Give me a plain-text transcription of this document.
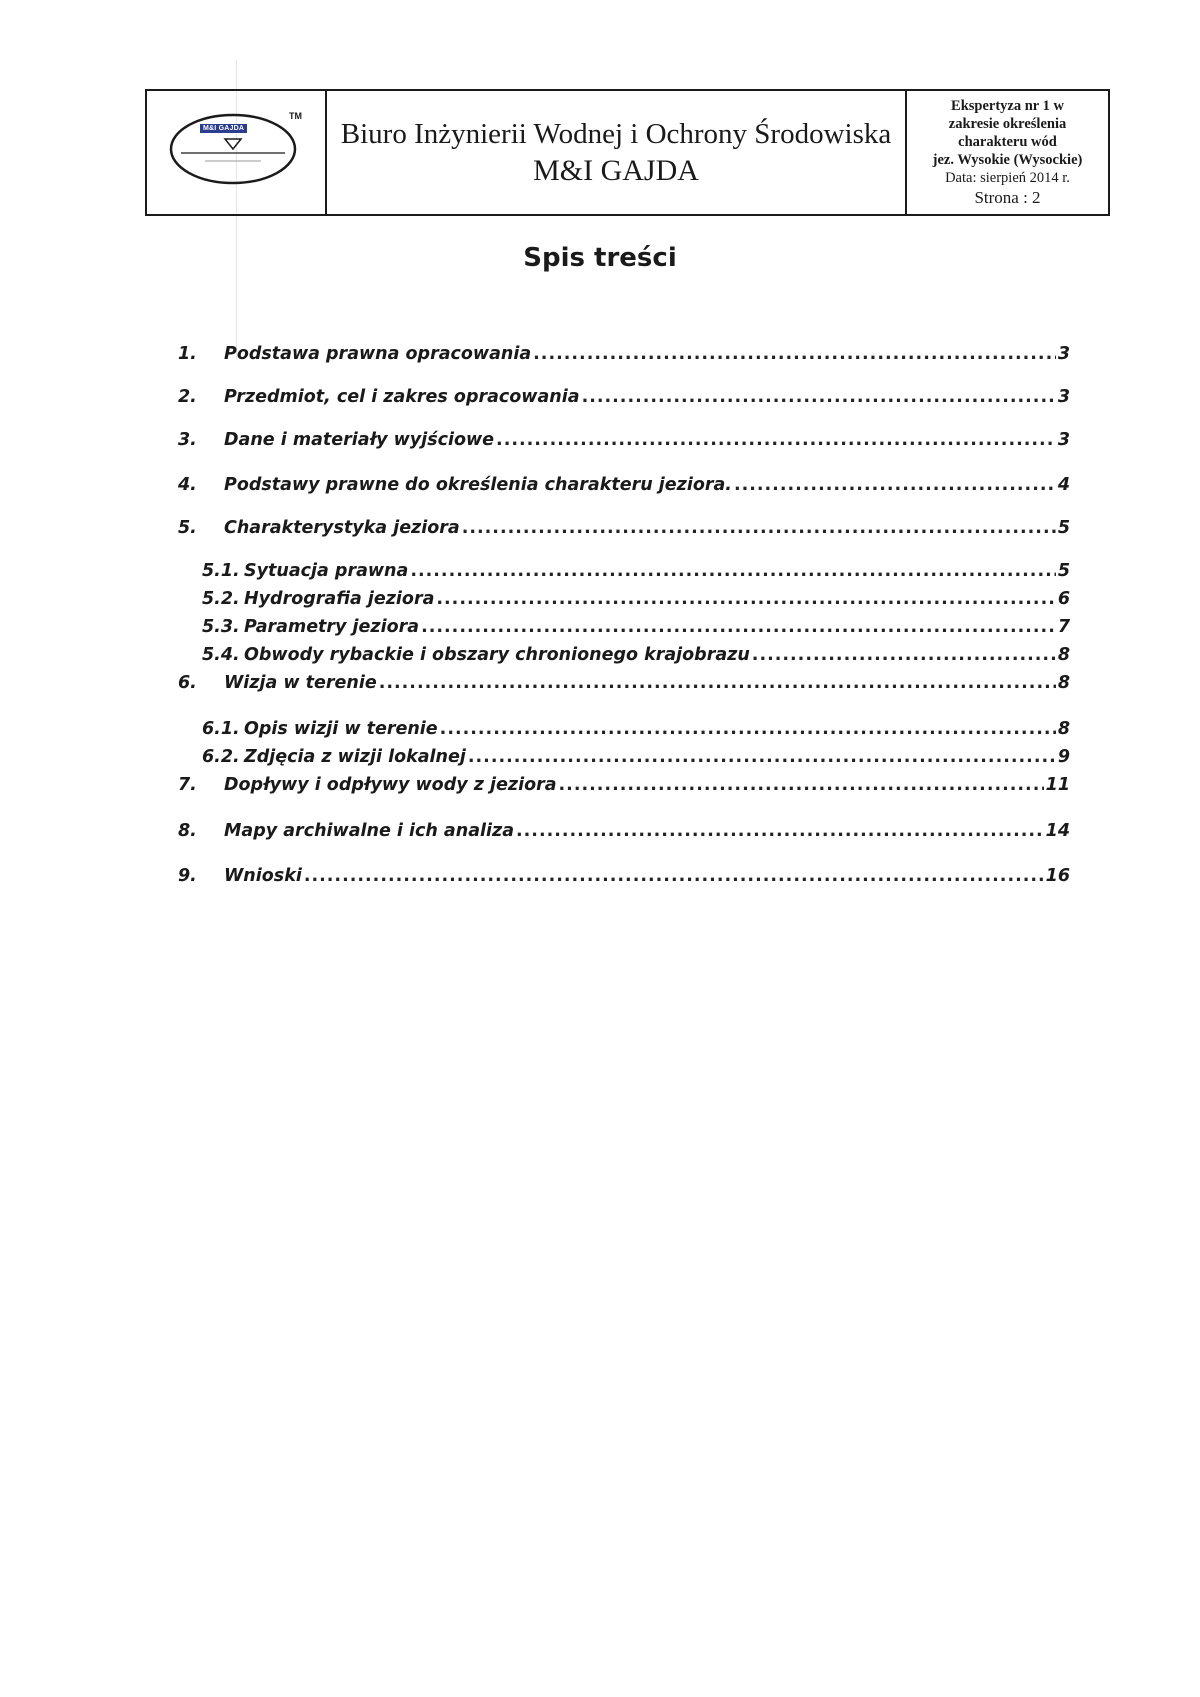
M&I GAJDA
TM
Biuro Inżynierii Wodnej i Ochrony Środowiska
M&I GAJDA
Ekspertyza nr 1 w
zakresie określenia
charakteru wód
jez. Wysokie (Wysockie)
Data: sierpień 2014 r.
Strona : 2
Spis treści
1.	Podstawa prawna opracowania .....	3
2.	Przedmiot, cel i zakres opracowania .....	3
3.	Dane i materiały wyjściowe .....	3
4.	Podstawy prawne do określenia charakteru jeziora. .....	4
5.	Charakterystyka jeziora .....	5
5.1. Sytuacja prawna .....	5
5.2. Hydrografia jeziora .....	6
5.3. Parametry jeziora .....	7
5.4. Obwody rybackie i obszary chronionego krajobrazu .....	8
6.	Wizja w terenie .....	8
6.1. Opis wizji w terenie .....	8
6.2. Zdjęcia z wizji lokalnej .....	9
7.	Dopływy i odpływy wody z jeziora .....	11
8.	Mapy archiwalne i ich analiza .....	14
9.	Wnioski .....	16
